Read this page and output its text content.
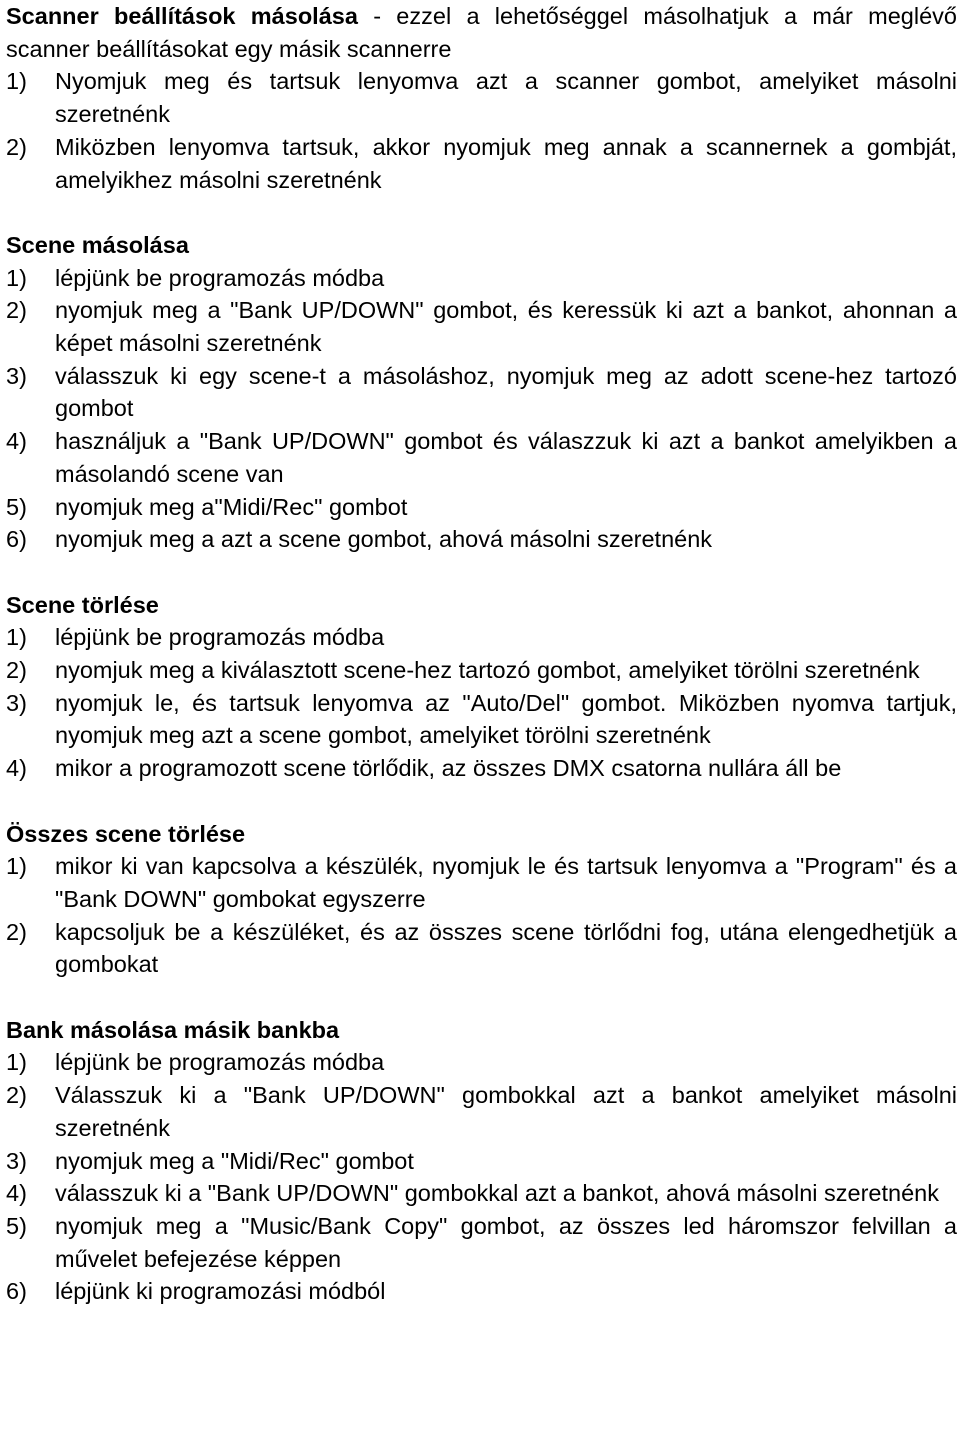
Scanner beállítások másolása - ezzel a lehetőséggel másolhatjuk a már meglévő scanner beállításokat egy másik scannerre
1)	Nyomjuk meg és tartsuk lenyomva azt a scanner gombot, amelyiket másolni szeretnénk
2)	Miközben lenyomva tartsuk, akkor nyomjuk meg annak a scannernek a gombját, amelyikhez másolni szeretnénk
Scene másolása
1)	lépjünk be programozás módba
2)	nyomjuk meg a "Bank UP/DOWN" gombot, és keressük ki azt a bankot, ahonnan a képet másolni szeretnénk
3)	válasszuk ki egy scene-t a másoláshoz, nyomjuk meg az adott scene-hez tartozó gombot
4)	használjuk a "Bank UP/DOWN" gombot és válaszzuk ki azt a bankot amelyikben a másolandó scene van
5)	nyomjuk meg a"Midi/Rec" gombot
6)	nyomjuk meg a azt a scene gombot, ahová másolni szeretnénk
Scene törlése
1)	lépjünk be programozás módba
2)	nyomjuk meg a kiválasztott scene-hez tartozó gombot, amelyiket törölni szeretnénk
3)	nyomjuk le, és tartsuk lenyomva az "Auto/Del" gombot. Miközben nyomva tartjuk, nyomjuk meg azt a scene gombot, amelyiket törölni szeretnénk
4)	mikor a programozott scene törlődik, az összes DMX csatorna nullára áll be
Összes scene törlése
1)	mikor ki van kapcsolva a készülék, nyomjuk le és tartsuk lenyomva a "Program" és a "Bank DOWN" gombokat egyszerre
2)	kapcsoljuk be a készüléket, és az összes scene törlődni fog, utána elengedhetjük a gombokat
Bank másolása másik bankba
1)	lépjünk be programozás módba
2)	Válasszuk ki a "Bank UP/DOWN" gombokkal azt a bankot amelyiket másolni szeretnénk
3)	nyomjuk meg a "Midi/Rec" gombot
4)	válasszuk ki a "Bank UP/DOWN" gombokkal azt a bankot, ahová másolni szeretnénk
5)	nyomjuk meg a "Music/Bank Copy" gombot, az összes led háromszor felvillan a művelet befejezése képpen
6)	lépjünk ki programozási módból
